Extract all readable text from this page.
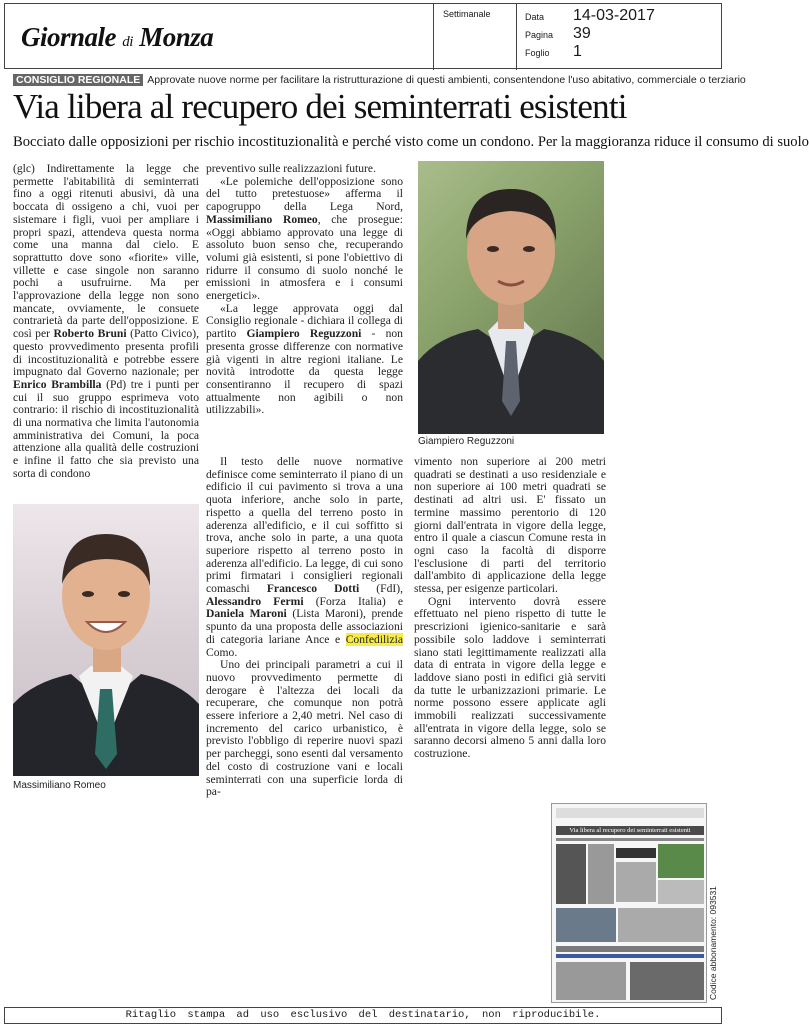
Giornale di Monza
Settimanale	Data 14-03-2017
Pagina 39
Foglio 1
CONSIGLIO REGIONALE Approvate nuove norme per facilitare la ristrutturazione di questi ambienti, consentendone l'uso abitativo, commerciale o terziario
Via libera al recupero dei seminterrati esistenti
Bocciato dalle opposizioni per rischio incostituzionalità e perché visto come un condono. Per la maggioranza riduce il consumo di suolo

(glc) Indirettamente la legge che permette l'abitabilità di seminterrati fino a oggi ritenuti abusivi, dà una boccata di ossigeno a chi, vuoi per sistemare i figli, vuoi per ampliare i propri spazi, attendeva questa norma come una manna dal cielo. E soprattutto dove sono «fiorite» ville, villette e case singole non saranno pochi a usufruirne. Ma per l'approvazione della legge non sono mancate, ovviamente, le consuete contrarietà da parte dell'opposizione. E così per Roberto Bruni (Patto Civico), questo provvedimento presenta profili di incostituzionalità e potrebbe essere impugnato dal Governo nazionale; per Enrico Brambilla (Pd) tre i punti per cui il suo gruppo esprimeva voto contrario: il rischio di incostituzionalità di una normativa che limita l'autonomia amministrativa dei Comuni, la poca attenzione alla qualità delle costruzioni e infine il fatto che sia previsto una sorta di condono

preventivo sulle realizzazioni future.

«Le polemiche dell'opposizione sono del tutto pretestuose» afferma il capogruppo della Lega Nord, Massimiliano Romeo, che prosegue: «Oggi abbiamo approvato una legge di assoluto buon senso che, recuperando volumi già esistenti, si pone l'obiettivo di ridurre il consumo di suolo nonché le emissioni in atmosfera e i consumi energetici».

«La legge approvata oggi dal Consiglio regionale - dichiara il collega di partito Giampiero Reguzzoni - non presenta grosse differenze con normative già vigenti in altre regioni italiane. Le novità introdotte da questa legge consentiranno il recupero di spazi attualmente non agibili o non utilizzabili».

Il testo delle nuove normative definisce come seminterrato il piano di un edificio il cui pavimento si trova a una quota inferiore, anche solo in parte, rispetto a quella del terreno posto in aderenza all'edificio, e il cui soffitto si trova, anche solo in parte, a una quota superiore rispetto al terreno posto in aderenza all'edificio. La legge, di cui sono primi firmatari i consiglieri regionali comaschi Francesco Dotti (FdI), Alessandro Fermi (Forza Italia) e Daniela Maroni (Lista Maroni), prende spunto da una proposta delle associazioni di categoria lariane Ance e Confedilizia Como.

Uno dei principali parametri a cui il nuovo provvedimento permette di derogare è l'altezza dei locali da recuperare, che comunque non potrà essere inferiore a 2,40 metri. Nel caso di incremento del carico urbanistico, è previsto l'obbligo di reperire nuovi spazi per parcheggi, sono esenti dal versamento del costo di costruzione vani e locali seminterrati con una superficie lorda di pa-

vimento non superiore ai 200 metri quadrati se destinati a uso residenziale e non superiore ai 100 metri quadrati se destinati ad altri usi. E' fissato un termine massimo perentorio di 120 giorni dall'entrata in vigore della legge, entro il quale a ciascun Comune resta in ogni caso la facoltà di disporre l'esclusione di parti del territorio dall'ambito di applicazione della legge stessa, per esigenze particolari.

Ogni intervento dovrà essere effettuato nel pieno rispetto di tutte le prescrizioni igienico-sanitarie e sarà possibile solo laddove i seminterrati siano stati legittimamente realizzati alla data di entrata in vigore della legge e laddove siano posti in edifici già serviti da tutte le urbanizzazioni primarie. Le norme possono essere applicate agli immobili realizzati successivamente all'entrata in vigore della legge, solo se saranno decorsi almeno 5 anni dalla loro costruzione.

Giampiero Reguzzoni
Massimiliano Romeo
Via libera al recupero dei seminterrati esistenti
Codice abbonamento: 093531
Ritaglio stampa ad uso esclusivo del destinatario, non riproducibile.
